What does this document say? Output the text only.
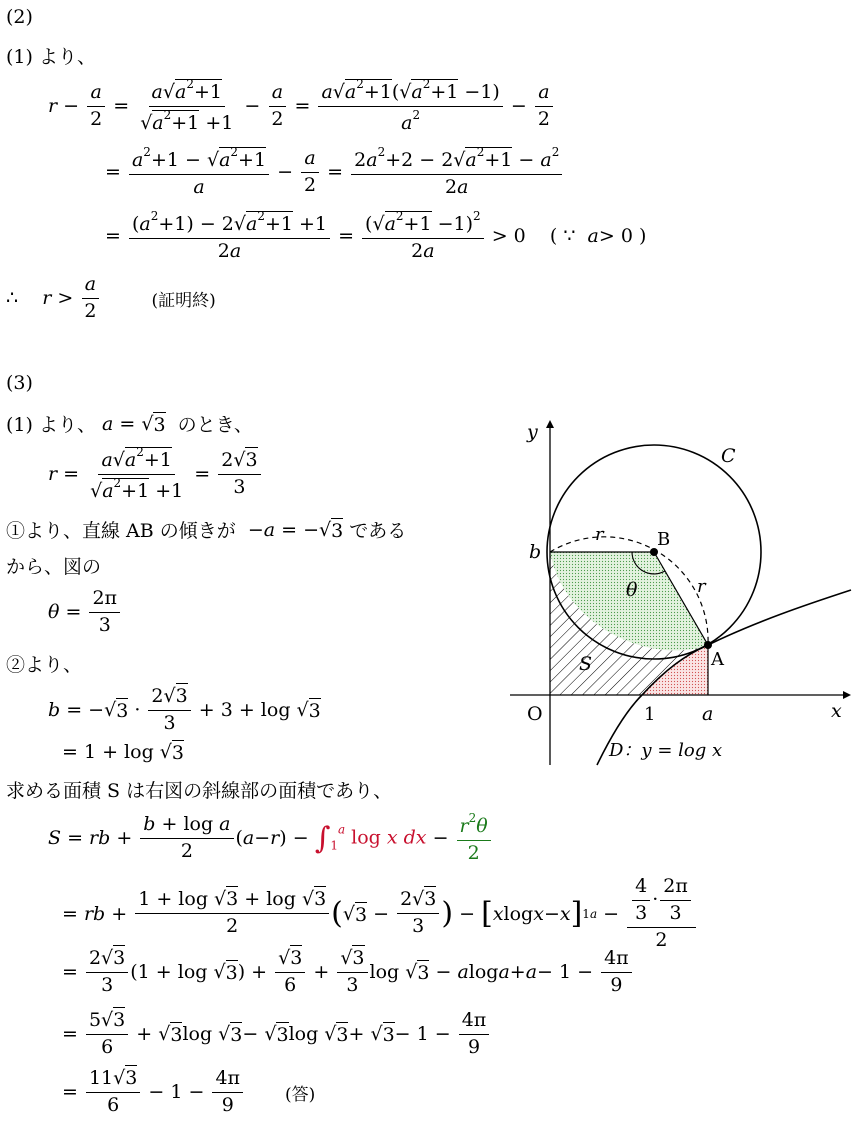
(2)
(1) より、
$r - \frac{a}{2} = \frac{a√a^2+1}{√a^2+1 +1} - \frac{a}{2} = \frac{a√a^2+1(√a^2+1 -1)}{a^2} - \frac{a}{2}$
= $\frac{a^2+1 - √a^2+1}{a} - \frac{a}{2} = \frac{2a^2+2 - 2√a^2+1 - a^2}{2a}$
= $\frac{(a^2+1) - 2√a^2+1 +1}{2a} = \frac{(√a^2+1 -1)^2}{2a} > 0$    ( ∵ a > 0 )
∴
$r > \frac{a}{2}$	(証明終)
(3)
(1) より、
a = √ 3
のとき、
$r = \frac{a√a^2+1}{√a^2+1 +1} = \frac{2√3}{3}$
①より、直線 AB の傾きが − a = −√ 3
である
から、図の
$\theta = \frac{2\pi}{3}$
②より、
b = −√ $3 \cdot \frac{2√3}{3} + 3 + \log$ √ 3
= 1 + log √ 3
求める面積 S は右図の斜線部の面積であり、
S = rb + $\frac{\text{b + log a}}{2}$ ( a − r ) − $\int_1^a$ log x dx − $\frac{r^2\theta}{2}$
= rb + $\frac{1 + \log √3 + \log √3}{2}$ ( √ $3 - \frac{2√3}{3}$ ) − [ x log x − x ] 1 $a - \frac{\frac{4}{3} \cdot \frac{2\pi}{3}}{2}$
= $\frac{2√3}{3} (1 + \log$ √ 3 ) + $\frac{√3}{6} + \frac{√3}{3}$ log √ 3 − a $\log a + a - 1 - \frac{4\pi}{9}$
= $\frac{5√3}{6}$ + √ 3 log √ 3 − √ 3 log √ 3 + √ $3 - 1 - \frac{4\pi}{9}$
= $\frac{11√3}{6} - 1 - \frac{4\pi}{9}$ (答)
x
y
O	1 a
b
C
B
A
S
θ
r
r
D：y = log x
